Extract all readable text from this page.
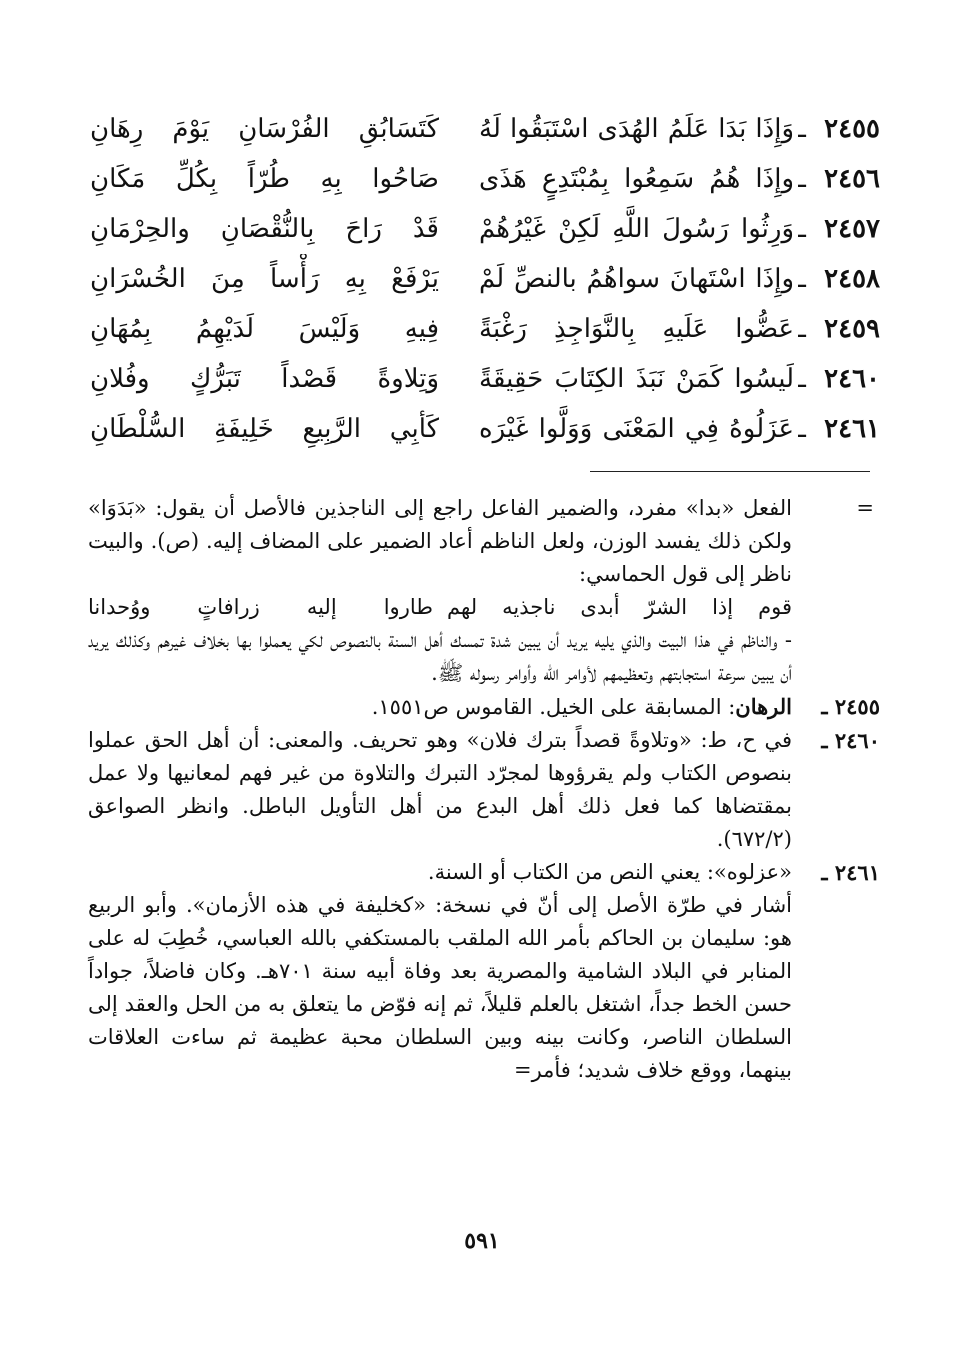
٢٤٥٥
ـ
وَإِذَا بَدَا عَلَمُ الهُدَى اسْتَبَقُوا لَهُ
كَتَسَابُقِ الفُرْسَانِ يَوْمَ رِهَانِ
٢٤٥٦
ـ
وإِذَا هُمُ سَمِعُوا بِمُبْتَدِعٍ هَذَى
صَاحُوا بِهِ طُرّاً بِكُلِّ مَكَانِ
٢٤٥٧
ـ
وَرِثُوا رَسُولَ اللَّهِ لَكِنْ غَيْرُهُمْ
قَدْ رَاحَ بِالنُّقْصَانِ والحِرْمَانِ
٢٤٥٨
ـ
وإِذَا اسْتَهانَ سواهُمُ بالنصِّ لَمْ
يَرْفَعْ بِهِ رَأْساً مِنَ الخُسْرَانِ
٢٤٥٩
ـ
عَضُّوا عَلَيهِ بِالنَّوَاجِذِ رَغْبَةً
فِيهِ وَلَيْسَ لَدَيْهِمُ بِمُهَانِ
٢٤٦٠
ـ
لَيسُوا كَمَنْ نَبَذَ الكِتَابَ حَقِيقَةً
وَتِلاوةً قَصْداً تَبَرُّكٍ وفُلانِ
٢٤٦١
ـ
عَزَلُوهُ فِي المَعْنَى وَوَلَّوا غَيْرَه
كَأبِي الرَّبِيعِ خَلِيفَةِ السُّلْطَانِ
=

الفعل «بدا» مفرد، والضمير الفاعل راجع إلى الناجذين فالأصل أن يقول: «بَدَوَا» ولكن ذلك يفسد الوزن، ولعل الناظم أعاد الضمير على المضاف إليه. (ص). والبيت ناظر إلى قول الحماسي:

قوم إذا الشرّ أبدى ناجذيه لهم
طاروا إليه زرافاتٍ ووُحدانا

- والناظم في هذا البيت والذي يليه يريد أن يبين شدة تمسك أهل السنة بالنصوص لكي يعملوا بها بخلاف غيرهم وكذلك يريد أن يبين سرعة استجابتهم وتعظيمهم لأوامر الله وأوامر رسوله ﷺ.

٢٤٥٥ ـ

الرهان: المسابقة على الخيل. القاموس ص١٥٥١.

٢٤٦٠ ـ

في ح، ط: «وتلاوةً قصداً بترك فلان» وهو تحريف. والمعنى: أن أهل الحق عملوا بنصوص الكتاب ولم يقرؤوها لمجرّد التبرك والتلاوة من غير فهم لمعانيها ولا عمل بمقتضاها كما فعل ذلك أهل البدع من أهل التأويل الباطل. وانظر الصواعق (٦٧٢/٢).

٢٤٦١ ـ

«عزلوه»: يعني النص من الكتاب أو السنة.

أشار في طرّة الأصل إلى أنّ في نسخة: «كخليفة في هذه الأزمان». وأبو الربيع هو: سليمان بن الحاكم بأمر الله الملقب بالمستكفي بالله العباسي، خُطِبَ له على المنابر في البلاد الشامية والمصرية بعد وفاة أبيه سنة ٧٠١هـ. وكان فاضلاً، جواداً حسن الخط جداً، اشتغل بالعلم قليلاً، ثم إنه فوّض ما يتعلق به من الحل والعقد إلى السلطان الناصر، وكانت بينه وبين السلطان محبة عظيمة ثم ساءت العلاقات بينهما، ووقع خلاف شديد؛ فأمر=

٥٩١
